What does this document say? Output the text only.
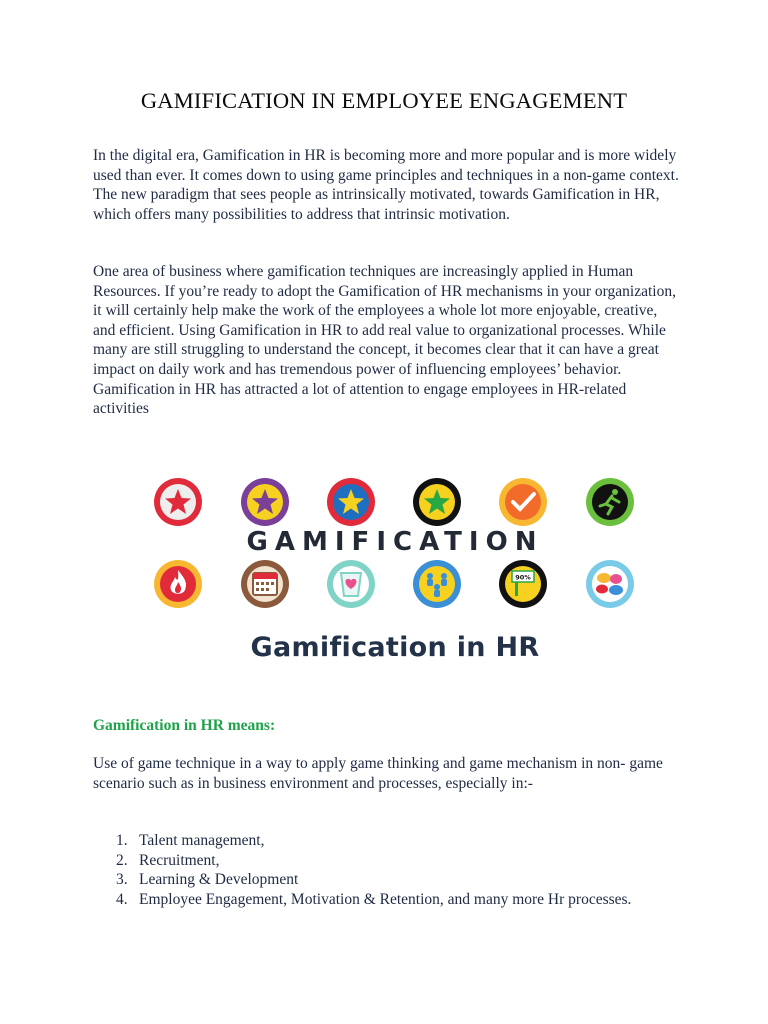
GAMIFICATION IN EMPLOYEE ENGAGEMENT

In the digital era, Gamification in HR is becoming more and more popular and is more widely used than ever. It comes down to using game principles and techniques in a non-game context. The new paradigm that sees people as intrinsically motivated, towards Gamification in HR, which offers many possibilities to address that intrinsic motivation.

One area of business where gamification techniques are increasingly applied in Human Resources. If you’re ready to adopt the Gamification of HR mechanisms in your organization, it will certainly help make the work of the employees a whole lot more enjoyable, creative, and efficient. Using Gamification in HR to add real value to organizational processes. While many are still struggling to understand the concept, it becomes clear that it can have a great impact on daily work and has tremendous power of influencing employees’ behavior. Gamification in HR has attracted a lot of attention to engage employees in HR-related activities

GAMIFICATION
90%
Gamification in HR
Gamification in HR means:

Use of game technique in a way to apply game thinking and game mechanism in non- game scenario such as in business environment and processes, especially in:-

1. Talent management,
2. Recruitment,
3. Learning & Development
4. Employee Engagement, Motivation & Retention, and many more Hr processes.
